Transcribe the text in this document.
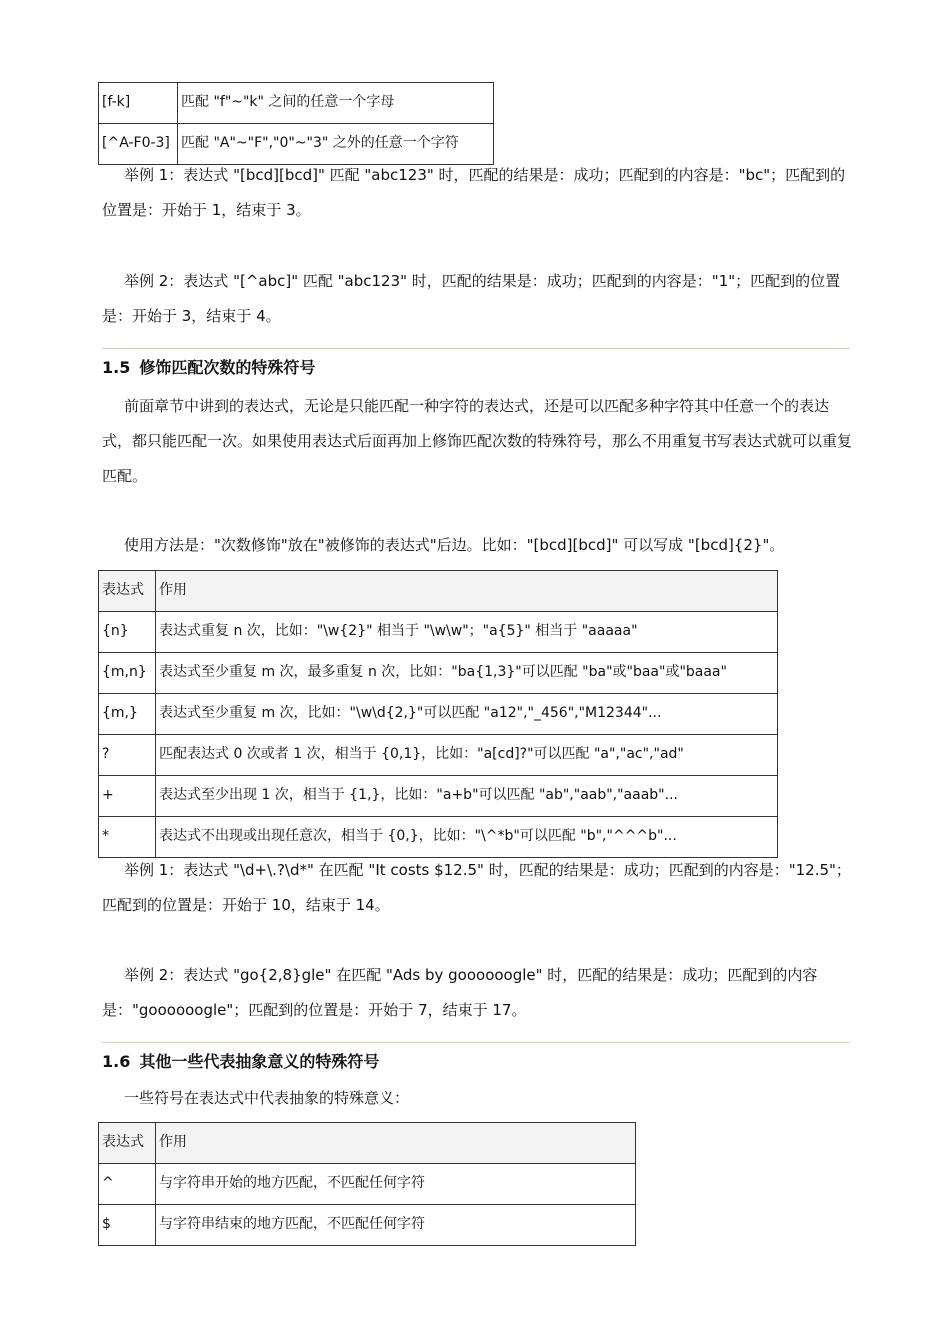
[f-k]	匹配 "f"~"k" 之间的任意一个字母
[^A-F0-3]	匹配 "A"~"F","0"~"3" 之外的任意一个字符

举例 1：表达式 "[bcd][bcd]" 匹配 "abc123" 时，匹配的结果是：成功；匹配到的内容是："bc"；匹配到的位置是：开始于 1，结束于 3。

举例 2：表达式 "[^abc]" 匹配 "abc123" 时，匹配的结果是：成功；匹配到的内容是："1"；匹配到的位置是：开始于 3，结束于 4。

1.5 修饰匹配次数的特殊符号

前面章节中讲到的表达式，无论是只能匹配一种字符的表达式，还是可以匹配多种字符其中任意一个的表达式，都只能匹配一次。如果使用表达式后面再加上修饰匹配次数的特殊符号，那么不用重复书写表达式就可以重复匹配。

使用方法是："次数修饰"放在"被修饰的表达式"后边。比如："[bcd][bcd]" 可以写成 "[bcd]{2}"。

表达式	作用
{n}	表达式重复 n 次，比如："\w{2}" 相当于 "\w\w"；"a{5}" 相当于 "aaaaa"
{m,n}	表达式至少重复 m 次，最多重复 n 次，比如："ba{1,3}"可以匹配 "ba"或"baa"或"baaa"
{m,}	表达式至少重复 m 次，比如："\w\d{2,}"可以匹配 "a12","_456","M12344"...
?	匹配表达式 0 次或者 1 次，相当于 {0,1}，比如："a[cd]?"可以匹配 "a","ac","ad"
+	表达式至少出现 1 次，相当于 {1,}，比如："a+b"可以匹配 "ab","aab","aaab"...
*	表达式不出现或出现任意次，相当于 {0,}，比如："\^*b"可以匹配 "b","^^^b"...

举例 1：表达式 "\d+\.?\d*" 在匹配 "It costs $12.5" 时，匹配的结果是：成功；匹配到的内容是："12.5"；匹配到的位置是：开始于 10，结束于 14。

举例 2：表达式 "go{2,8}gle" 在匹配 "Ads by goooooogle" 时，匹配的结果是：成功；匹配到的内容是："goooooogle"；匹配到的位置是：开始于 7，结束于 17。

1.6 其他一些代表抽象意义的特殊符号

一些符号在表达式中代表抽象的特殊意义：

表达式	作用
^	与字符串开始的地方匹配，不匹配任何字符
$	与字符串结束的地方匹配，不匹配任何字符
